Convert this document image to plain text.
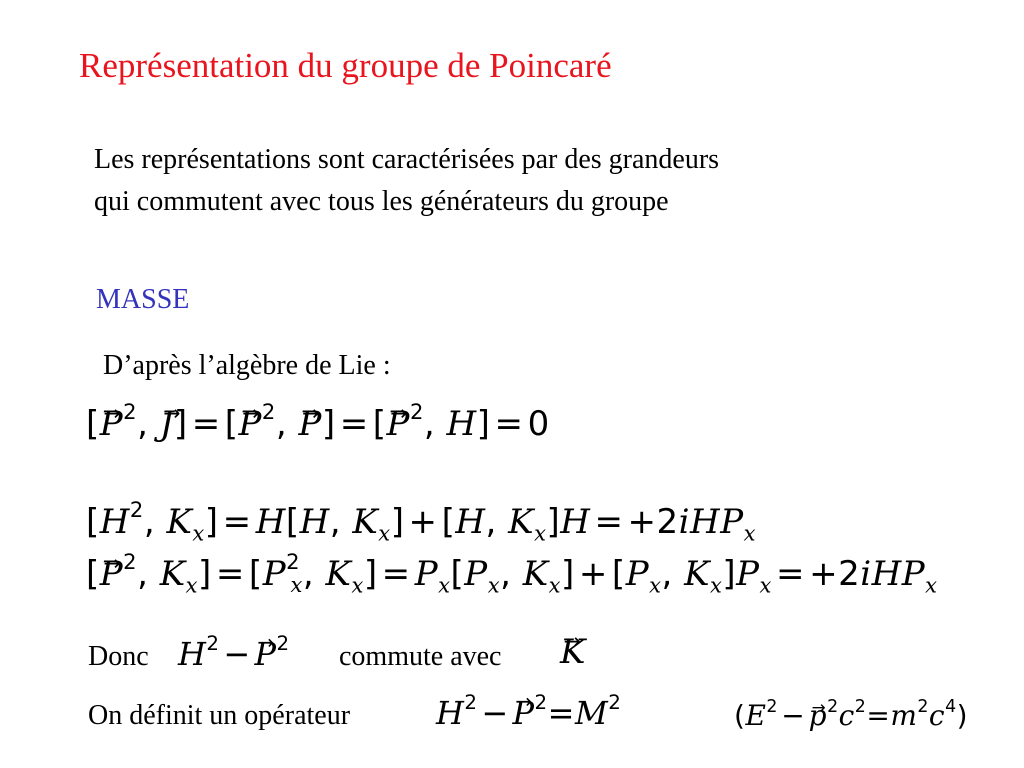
Représentation du groupe de Poincaré
Les représentations sont caractérisées par des grandeurs
qui commutent avec tous les générateurs du groupe
MASSE
D’après l’algèbre de Lie :
[→ $P^2$, → J] = [→ $P^2$, → P] = [→ $P^2$, H] = 0
[$H^2$, $K_x] = H[H$, $K_x] + [H$, $K_x]H = +2iHP_x$
[→ $P^2$, $K_x] = [P^2_x$, $K_x] = P_x[P_x$, $K_x] + [P_x$, $K_x]P_x = +2iHP_x$
Donc $H^2 -\to P^2$ commute avec
→ K
On définit un opérateur	$H^2 -\to P^2=M^2$	$(E^2 -\to p^2c^2=m^2c^4)$
